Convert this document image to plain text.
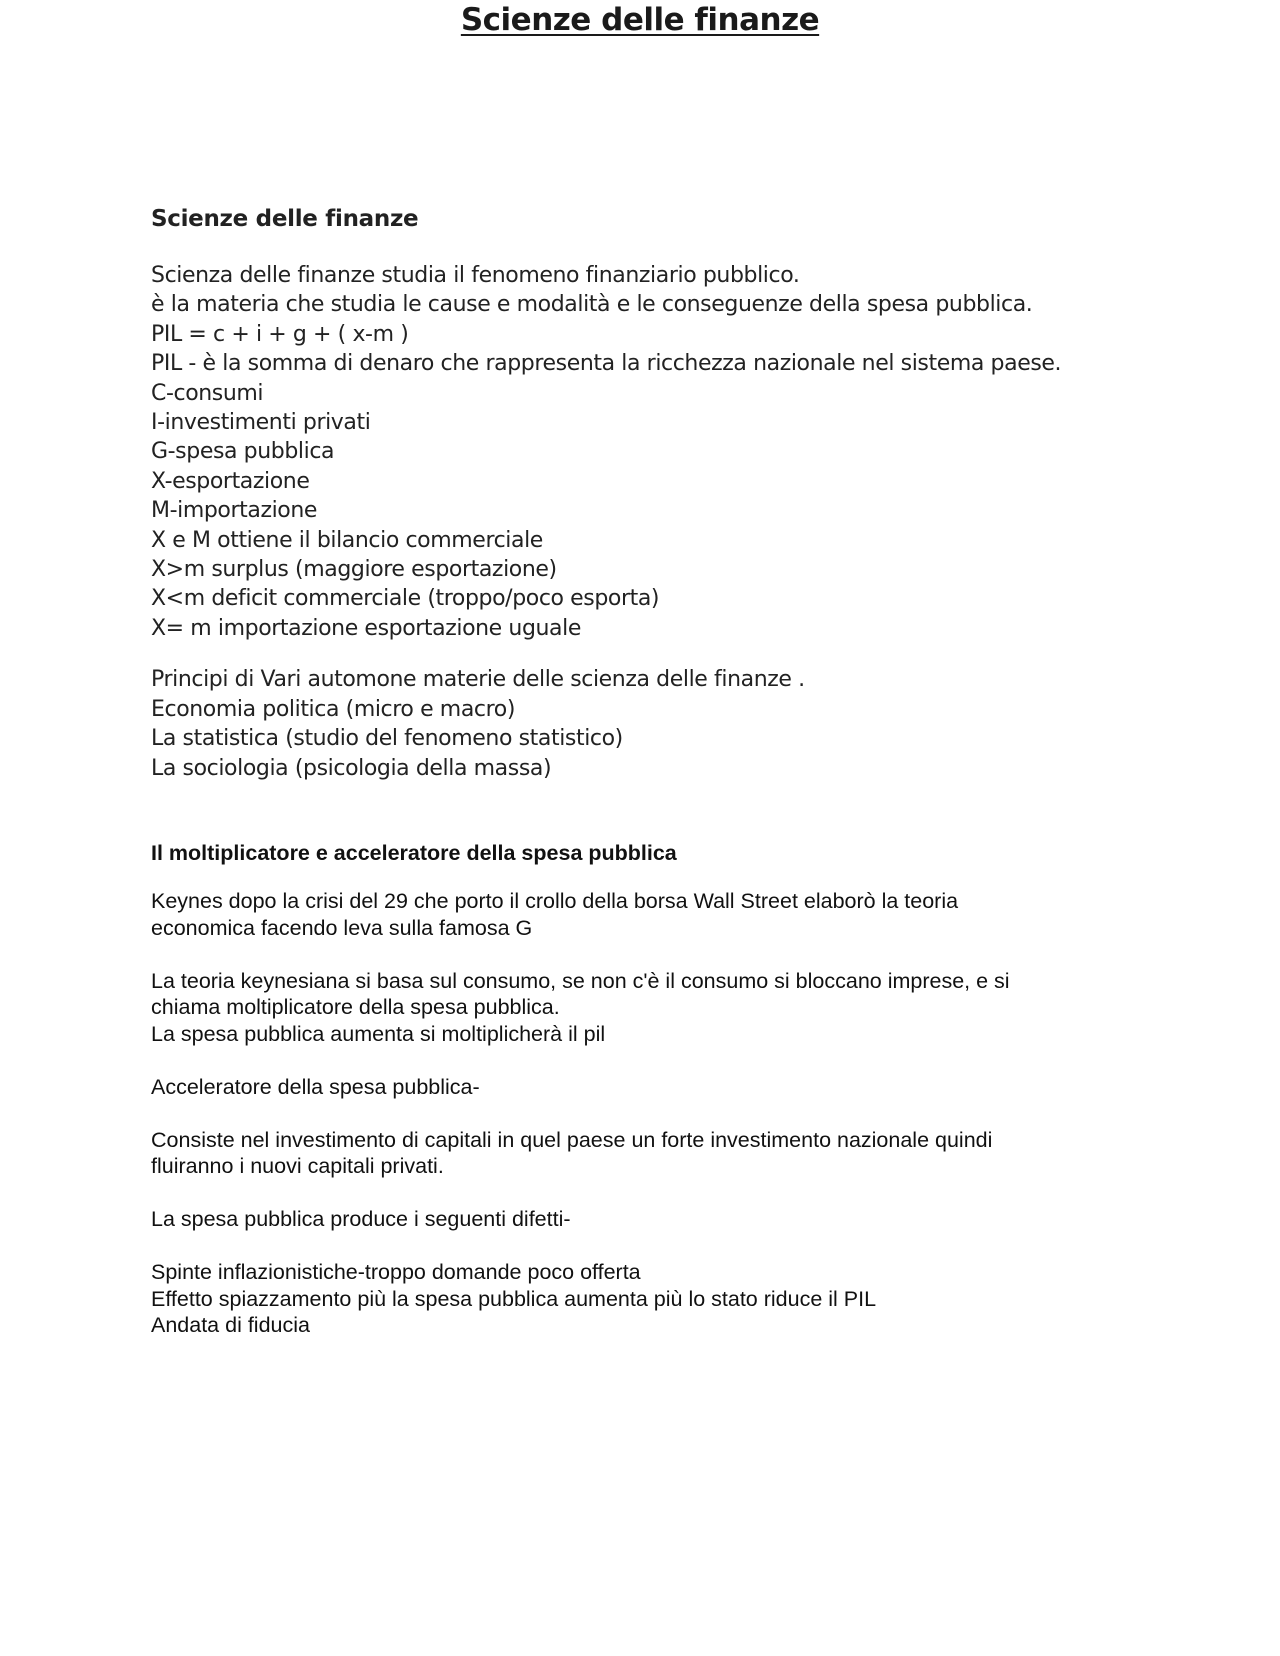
Scienze delle finanze
Scienze delle finanze
Scienza delle finanze studia il fenomeno finanziario pubblico.
è la materia che studia le cause e modalità e le conseguenze della spesa pubblica.
PIL = c + i + g + ( x-m )
PIL - è la somma di denaro che rappresenta la ricchezza nazionale nel sistema paese.
C-consumi
I-investimenti privati
G-spesa pubblica
X-esportazione
M-importazione
X e M ottiene il bilancio commerciale
X>m surplus (maggiore esportazione)
X<m deficit commerciale (troppo/poco esporta)
X= m importazione esportazione uguale
Principi di Vari automone materie delle scienza delle finanze .
Economia politica (micro e macro)
La statistica (studio del fenomeno statistico)
La sociologia (psicologia della massa)
Il moltiplicatore e acceleratore della spesa pubblica
Keynes dopo la crisi del 29 che porto il crollo della borsa Wall Street elaborò la teoria
economica facendo leva sulla famosa G
La teoria keynesiana si basa sul consumo, se non c'è il consumo si bloccano imprese, e si
chiama moltiplicatore della spesa pubblica.
La spesa pubblica aumenta si moltiplicherà il pil
Acceleratore della spesa pubblica-
Consiste nel investimento di capitali in quel paese un forte investimento nazionale quindi
fluiranno i nuovi capitali privati.
La spesa pubblica produce i seguenti difetti-
Spinte inflazionistiche-troppo domande poco offerta
Effetto spiazzamento più la spesa pubblica aumenta più lo stato riduce il PIL
Andata di fiducia
